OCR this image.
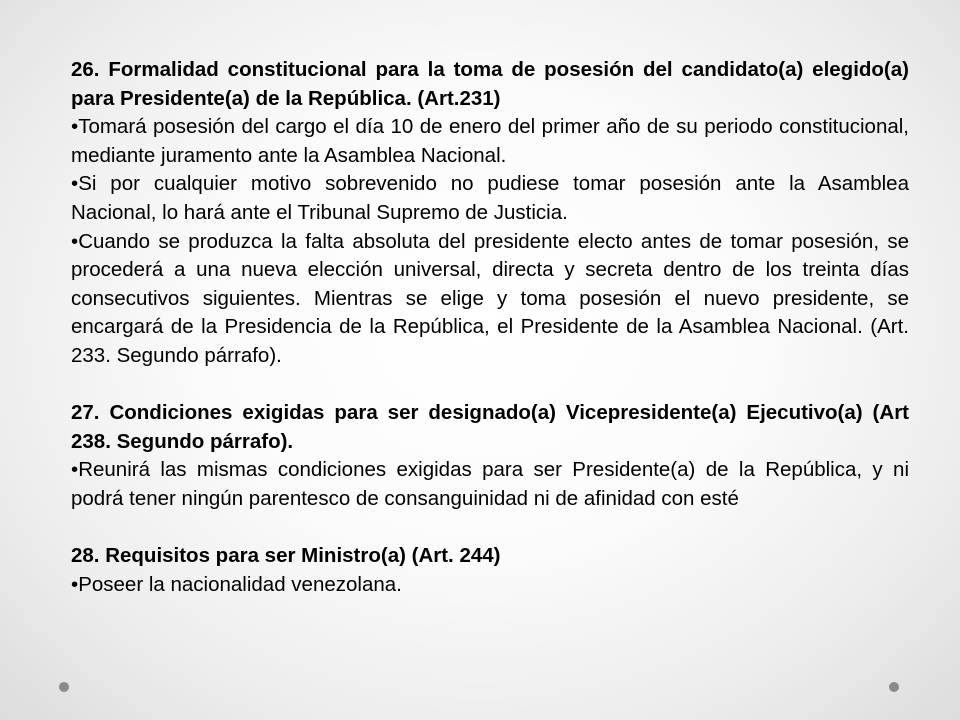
26. Formalidad constitucional para la toma de posesión del candidato(a) elegido(a) para Presidente(a) de la República. (Art.231)

• Tomará posesión del cargo el día 10 de enero del primer año de su periodo constitucional, mediante juramento ante la Asamblea Nacional.

• Si por cualquier motivo sobrevenido no pudiese tomar posesión ante la Asamblea Nacional, lo hará ante el Tribunal Supremo de Justicia.

• Cuando se produzca la falta absoluta del presidente electo antes de tomar posesión, se procederá a una nueva elección universal, directa y secreta dentro de los treinta días consecutivos siguientes. Mientras se elige y toma posesión el nuevo presidente, se encargará de la Presidencia de la República, el Presidente de la Asamblea Nacional. (Art. 233. Segundo párrafo).

27. Condiciones exigidas para ser designado(a) Vicepresidente(a) Ejecutivo(a) (Art 238. Segundo párrafo).

• Reunirá las mismas condiciones exigidas para ser Presidente(a) de la República, y ni podrá tener ningún parentesco de consanguinidad ni de afinidad con esté

28. Requisitos para ser Ministro(a) (Art. 244)

• Poseer la nacionalidad venezolana.
